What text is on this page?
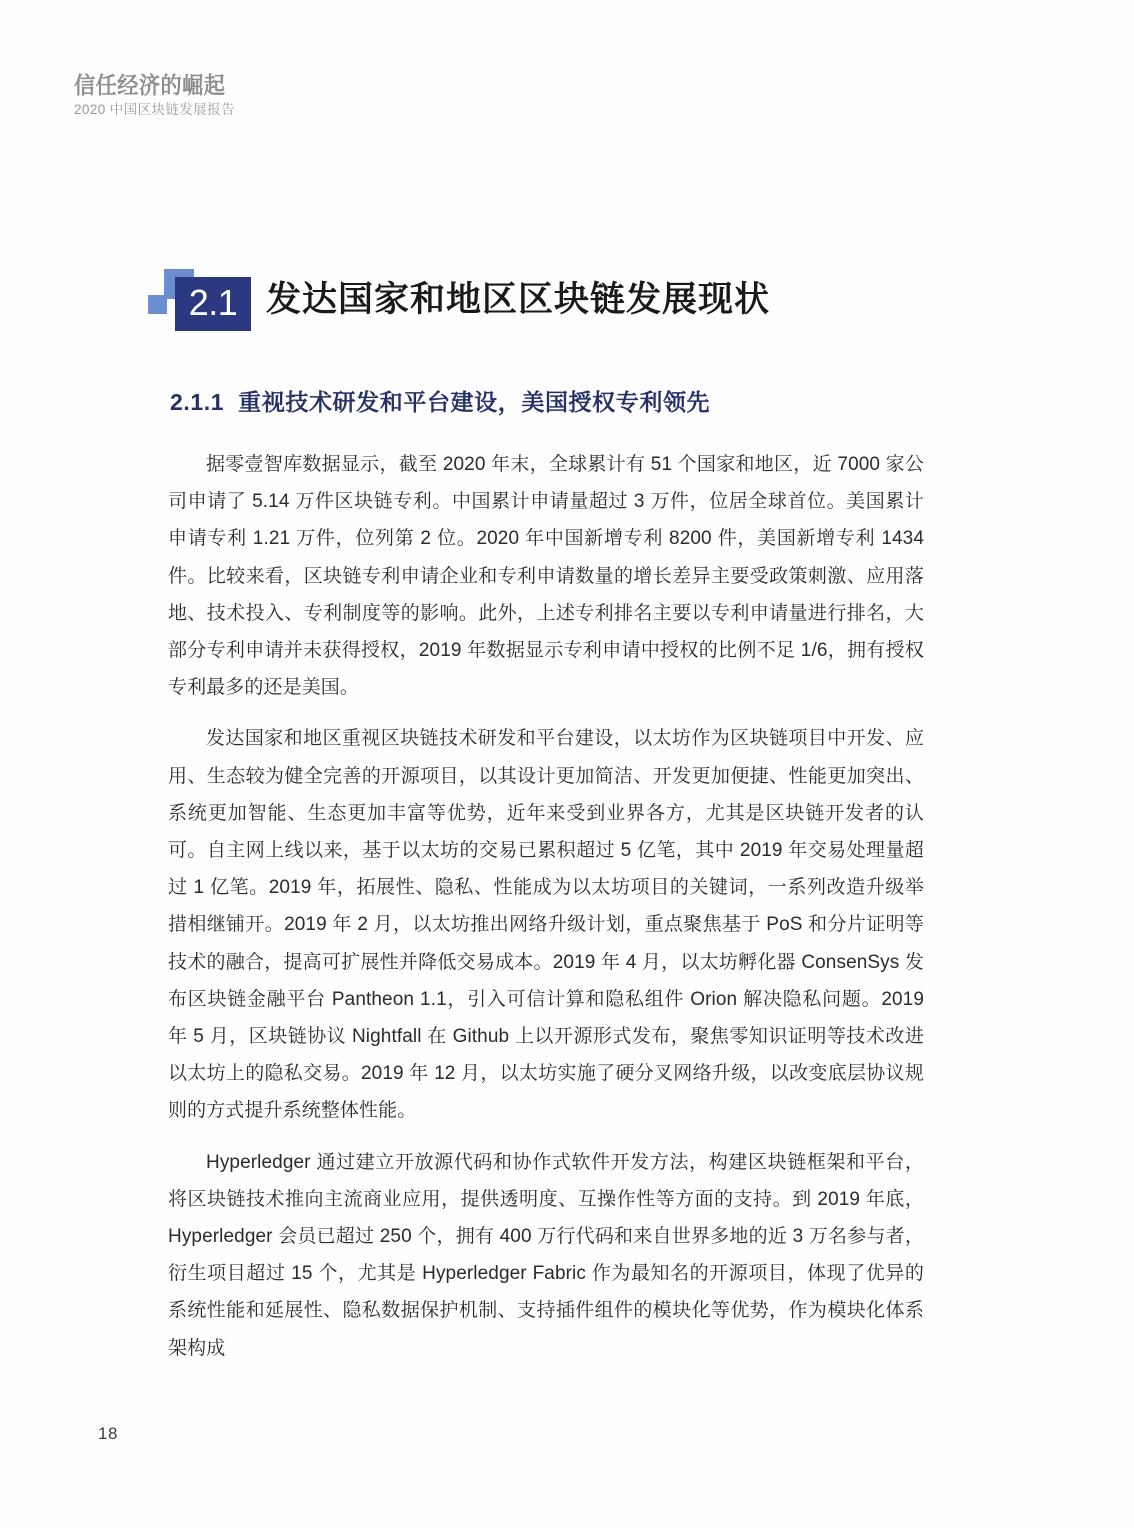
信任经济的崛起
2020 中国区块链发展报告
2.1 发达国家和地区区块链发展现状
2.1.1 重视技术研发和平台建设，美国授权专利领先

据零壹智库数据显示，截至 2020 年末，全球累计有 51 个国家和地区，近 7000 家公司申请了 5.14 万件区块链专利。中国累计申请量超过 3 万件，位居全球首位。美国累计申请专利 1.21 万件，位列第 2 位。2020 年中国新增专利 8200 件，美国新增专利 1434 件。比较来看，区块链专利申请企业和专利申请数量的增长差异主要受政策刺激、应用落地、技术投入、专利制度等的影响。此外，上述专利排名主要以专利申请量进行排名，大部分专利申请并未获得授权，2019 年数据显示专利申请中授权的比例不足 1/6，拥有授权专利最多的还是美国。

发达国家和地区重视区块链技术研发和平台建设，以太坊作为区块链项目中开发、应用、生态较为健全完善的开源项目，以其设计更加简洁、开发更加便捷、性能更加突出、系统更加智能、生态更加丰富等优势，近年来受到业界各方，尤其是区块链开发者的认可。自主网上线以来，基于以太坊的交易已累积超过 5 亿笔，其中 2019 年交易处理量超过 1 亿笔。2019 年，拓展性、隐私、性能成为以太坊项目的关键词，一系列改造升级举措相继铺开。2019 年 2 月，以太坊推出网络升级计划，重点聚焦基于 PoS 和分片证明等技术的融合，提高可扩展性并降低交易成本。2019 年 4 月，以太坊孵化器 ConsenSys 发布区块链金融平台 Pantheon 1.1，引入可信计算和隐私组件 Orion 解决隐私问题。2019 年 5 月，区块链协议 Nightfall 在 Github 上以开源形式发布，聚焦零知识证明等技术改进以太坊上的隐私交易。2019 年 12 月，以太坊实施了硬分叉网络升级，以改变底层协议规则的方式提升系统整体性能。

Hyperledger 通过建立开放源代码和协作式软件开发方法，构建区块链框架和平台，将区块链技术推向主流商业应用，提供透明度、互操作性等方面的支持。到 2019 年底，Hyperledger 会员已超过 250 个，拥有 400 万行代码和来自世界多地的近 3 万名参与者，衍生项目超过 15 个，尤其是 Hyperledger Fabric 作为最知名的开源项目，体现了优异的系统性能和延展性、隐私数据保护机制、支持插件组件的模块化等优势，作为模块化体系架构成

18
